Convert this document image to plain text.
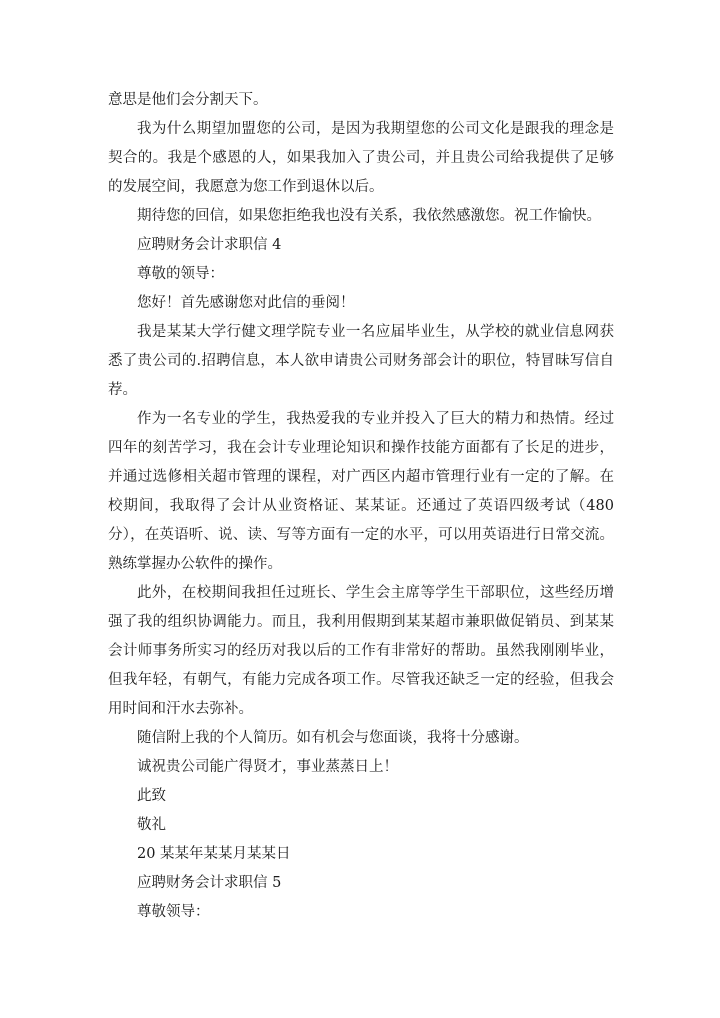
意思是他们会分割天下。

我为什么期望加盟您的公司，是因为我期望您的公司文化是跟我的理念是契合的。我是个感恩的人，如果我加入了贵公司，并且贵公司给我提供了足够的发展空间，我愿意为您工作到退休以后。

期待您的回信，如果您拒绝我也没有关系，我依然感激您。祝工作愉快。

应聘财务会计求职信 4

尊敬的领导：

您好！首先感谢您对此信的垂阅！

我是某某大学行健文理学院专业一名应届毕业生，从学校的就业信息网获悉了贵公司的.招聘信息，本人欲申请贵公司财务部会计的职位，特冒昧写信自荐。

作为一名专业的学生，我热爱我的专业并投入了巨大的精力和热情。经过四年的刻苦学习，我在会计专业理论知识和操作技能方面都有了长足的进步，并通过选修相关超市管理的课程，对广西区内超市管理行业有一定的了解。在校期间，我取得了会计从业资格证、某某证。还通过了英语四级考试（480 分），在英语听、说、读、写等方面有一定的水平，可以用英语进行日常交流。熟练掌握办公软件的操作。

此外，在校期间我担任过班长、学生会主席等学生干部职位，这些经历增强了我的组织协调能力。而且，我利用假期到某某超市兼职做促销员、到某某会计师事务所实习的经历对我以后的工作有非常好的帮助。虽然我刚刚毕业，但我年轻，有朝气，有能力完成各项工作。尽管我还缺乏一定的经验，但我会用时间和汗水去弥补。

随信附上我的个人简历。如有机会与您面谈，我将十分感谢。

诚祝贵公司能广得贤才，事业蒸蒸日上！

此致

敬礼

20 某某年某某月某某日

应聘财务会计求职信 5

尊敬领导：
